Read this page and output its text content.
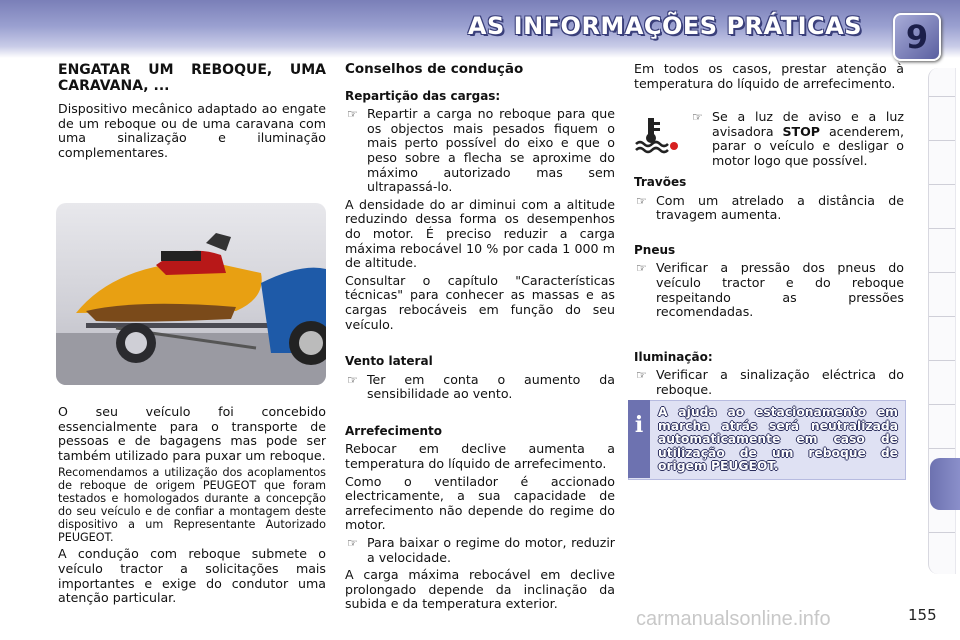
AS INFORMAÇÕES PRÁTICAS	9
ENGATAR UM REBOQUE, UMA CARAVANA, ...

Dispositivo mecânico adaptado ao engate de um reboque ou de uma caravana com uma sinalização e iluminação complementares.

O seu veículo foi concebido essencialmente para o transporte de pessoas e de bagagens mas pode ser também utilizado para puxar um reboque.

Recomendamos a utilização dos acoplamentos de reboque de origem PEUGEOT que foram testados e homologados durante a concepção do seu veículo e de confiar a montagem deste dispositivo a um Representante Autorizado PEUGEOT.

A condução com reboque submete o veículo tractor a solicitações mais importantes e exige do condutor uma atenção particular.

Conselhos de condução
Repartição das cargas:
☞ Repartir a carga no reboque para que os objectos mais pesados fiquem o mais perto possível do eixo e que o peso sobre a flecha se aproxime do máximo autorizado mas sem ultrapassá-lo.

A densidade do ar diminui com a altitude reduzindo dessa forma os desempenhos do motor. É preciso reduzir a carga máxima rebocável 10 % por cada 1 000 m de altitude.

Consultar o capítulo "Características técnicas" para conhecer as massas e as cargas rebocáveis em função do seu veículo.

Vento lateral
☞ Ter em conta o aumento da sensibilidade ao vento.
Arrefecimento

Rebocar em declive aumenta a temperatura do líquido de arrefecimento.

Como o ventilador é accionado electricamente, a sua capacidade de arrefecimento não depende do regime do motor.

☞ Para baixar o regime do motor, reduzir a velocidade.

A carga máxima rebocável em declive prolongado depende da inclinação da subida e da temperatura exterior.

Em todos os casos, prestar atenção à temperatura do líquido de arrefecimento.

☞ Se a luz de aviso e a luz avisadora STOP acenderem, parar o veículo e desligar o motor logo que possível.
Travões
☞ Com um atrelado a distância de travagem aumenta.
Pneus
☞ Verificar a pressão dos pneus do veículo tractor e do reboque respeitando as pressões recomendadas.
Iluminação:
☞ Verificar a sinalização eléctrica do reboque.
i	A ajuda ao estacionamento em marcha atrás será neutralizada automaticamente em caso de utilização de um reboque de origem PEUGEOT.
carmanualsonline.info	155
